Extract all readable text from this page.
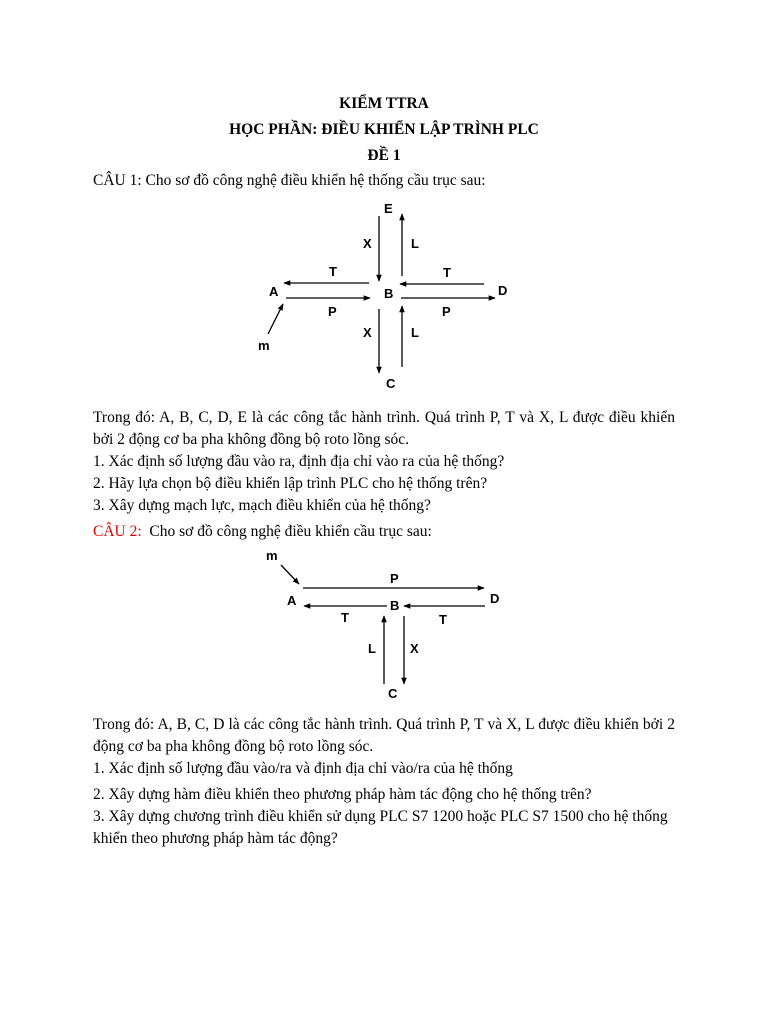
KIỂM TTRA
HỌC PHẦN: ĐIỀU KHIỂN LẬP TRÌNH PLC
ĐỀ 1
CÂU 1: Cho sơ đồ công nghệ điều khiển hệ thống cầu trục sau:
E
X	L
T	T
A	B	D
P	P
X	L
m
C
Trong đó: A, B, C, D, E là các công tắc hành trình. Quá trình P, T và X, L được điều khiển bởi 2 động cơ ba pha không đồng bộ roto lồng sóc.
1. Xác định số lượng đầu vào ra, định địa chỉ vào ra của hệ thống?
2. Hãy lựa chọn bộ điều khiển lập trình PLC cho hệ thống trên?
3. Xây dựng mạch lực, mạch điều khiển của hệ thống?
CÂU 2:  Cho sơ đồ công nghệ điều khiển cầu trục sau:
m
P
A	B	D
T	T
L	X
C
Trong đó: A, B, C, D là các công tắc hành trình. Quá trình P, T và X, L được điều khiển bởi 2 động cơ ba pha không đồng bộ roto lồng sóc.
1. Xác định số lượng đầu vào/ra và định địa chỉ vào/ra của hệ thống
2. Xây dựng hàm điều khiển theo phương pháp hàm tác động cho hệ thống trên?
3. Xây dựng chương trình điều khiển sử dụng PLC S7 1200 hoặc PLC S7 1500 cho hệ thống khiển theo phương pháp hàm tác động?
